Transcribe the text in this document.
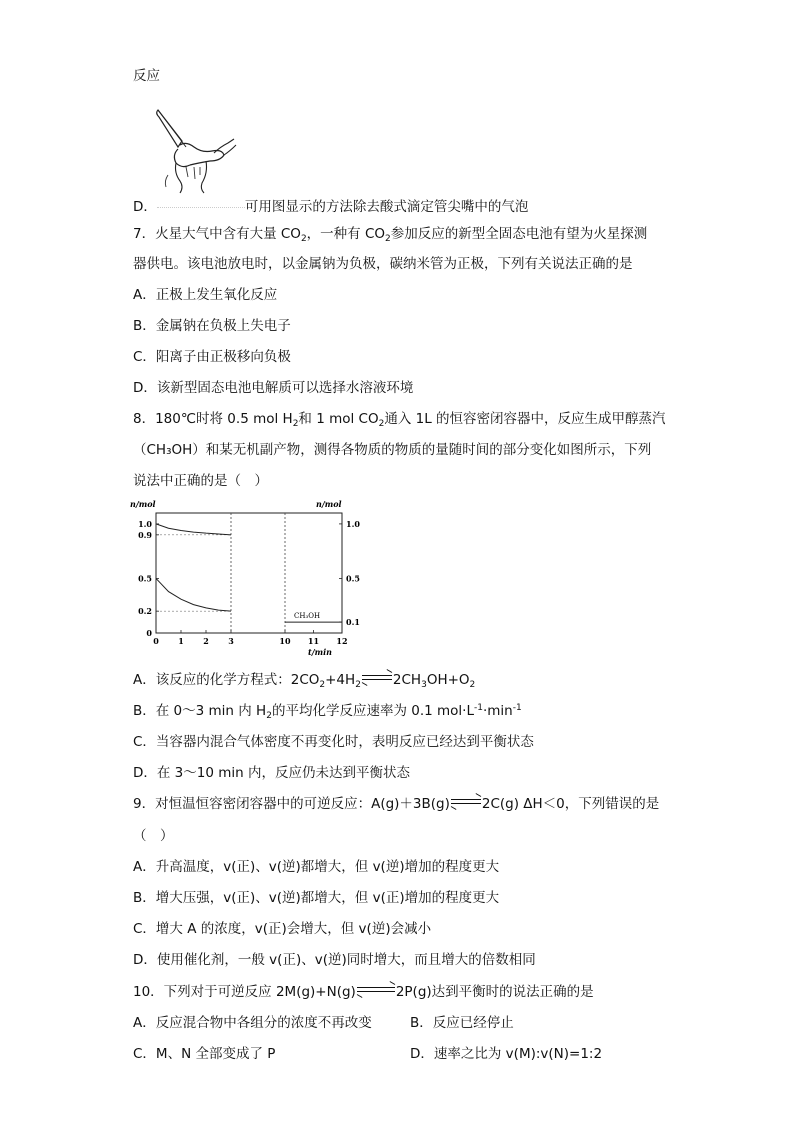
反应
D．	可用图显示的方法除去酸式滴定管尖嘴中的气泡
7．火星大气中含有大量 $CO_2$，一种有 $CO_2$参加反应的新型全固态电池有望为火星探测
器供电。该电池放电时，以金属钠为负极，碳纳米管为正极，下列有关说法正确的是
A．正极上发生氧化反应
B．金属钠在负极上失电子
C．阳离子由正极移向负极
D．该新型固态电池电解质可以选择水溶液环境
8．180℃时将 0.5 mol $H_2$和 1 mol $CO_2$通入 1L 的恒容密闭容器中，反应生成甲醇蒸汽
（CH₃OH）和某无机副产物，测得各物质的物质的量随时间的部分变化如图所示，下列
说法中正确的是（　）
n/mol	n/mol
t/min
0
0.2
0.5
0.9
1.0
0.1
0.5
1.0
0 1 2 3	10 11 12
CH₃OH
A．该反应的化学方程式：$2CO_2+4H_2$ $2CH_3OH+O_2$
B．在 0～3 min 内 $H_2$的平均化学反应速率为 0.1 $mol\cdot L^{-1}\cdot\min^{-1}$
C．当容器内混合气体密度不再变化时，表明反应已经达到平衡状态
D．在 3～10 min 内，反应仍未达到平衡状态
9．对恒温恒容密闭容器中的可逆反应：A(g)＋3B(g) 2C(g) ΔH＜0，下列错误的是
（　）
A．升高温度，v(正)、v(逆)都增大，但 v(逆)增加的程度更大
B．增大压强，v(正)、v(逆)都增大，但 v(正)增加的程度更大
C．增大 A 的浓度，v(正)会增大，但 v(逆)会减小
D．使用催化剂，一般 v(正)、v(逆)同时增大，而且增大的倍数相同
10．下列对于可逆反应 2M(g)+N(g)	2P(g)达到平衡时的说法正确的是
A．反应混合物中各组分的浓度不再改变	B．反应已经停止
C．M、N 全部变成了 P	D．速率之比为 v(M):v(N)=1:2
